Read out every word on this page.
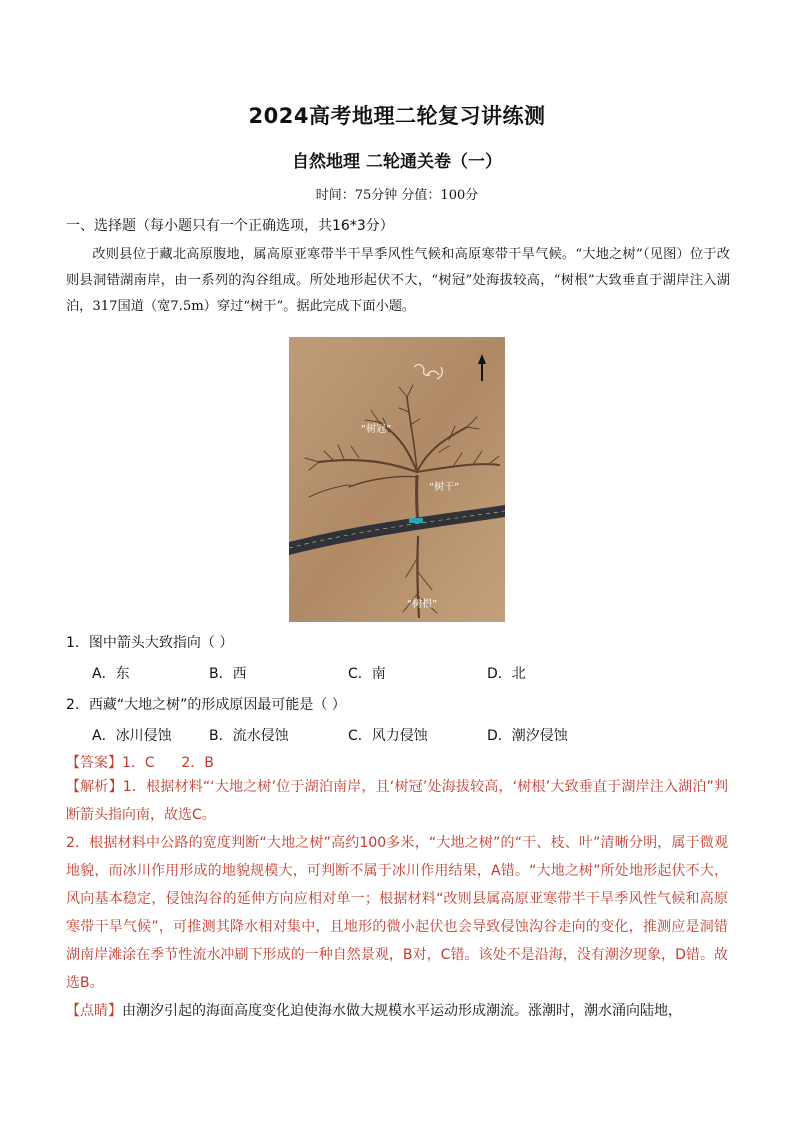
2024高考地理二轮复习讲练测
自然地理 二轮通关卷（一）
时间：75分钟 分值：100分
一、选择题（每小题只有一个正确选项，共16*3分）
改则县位于藏北高原腹地，属高原亚寒带半干旱季风性气候和高原寒带干旱气候。“大地之树”（见图）位于改则县洞错湖南岸，由一系列的沟谷组成。所处地形起伏不大，“树冠”处海拔较高，“树根”大致垂直于湖岸注入湖泊，317国道（宽7.5m）穿过“树干”。据此完成下面小题。
“树冠”
“树干”
“树根”
1．图中箭头大致指向（ ）
A．东	B．西	C．南	D．北
2．西藏“大地之树”的形成原因最可能是（ ）
A．冰川侵蚀	B．流水侵蚀	C．风力侵蚀	D．潮汐侵蚀
【答案】1．C      2．B
【解析】1．根据材料“‘大地之树’位于湖泊南岸，且‘树冠’处海拔较高，‘树根’大致垂直于湖岸注入湖泊”判断箭头指向南，故选C。
2．根据材料中公路的宽度判断“大地之树”高约100多米，“大地之树”的“干、枝、叶”清晰分明，属于微观地貌，而冰川作用形成的地貌规模大，可判断不属于冰川作用结果，A错。“大地之树”所处地形起伏不大，风向基本稳定，侵蚀沟谷的延伸方向应相对单一；根据材料“改则县属高原亚寒带半干旱季风性气候和高原寒带干旱气候”，可推测其降水相对集中，且地形的微小起伏也会导致侵蚀沟谷走向的变化，推测应是洞错湖南岸滩涂在季节性流水冲刷下形成的一种自然景观，B对，C错。该处不是沿海，没有潮汐现象，D错。故选B。
【点睛】由潮汐引起的海面高度变化迫使海水做大规模水平运动形成潮流。涨潮时，潮水涌向陆地，
